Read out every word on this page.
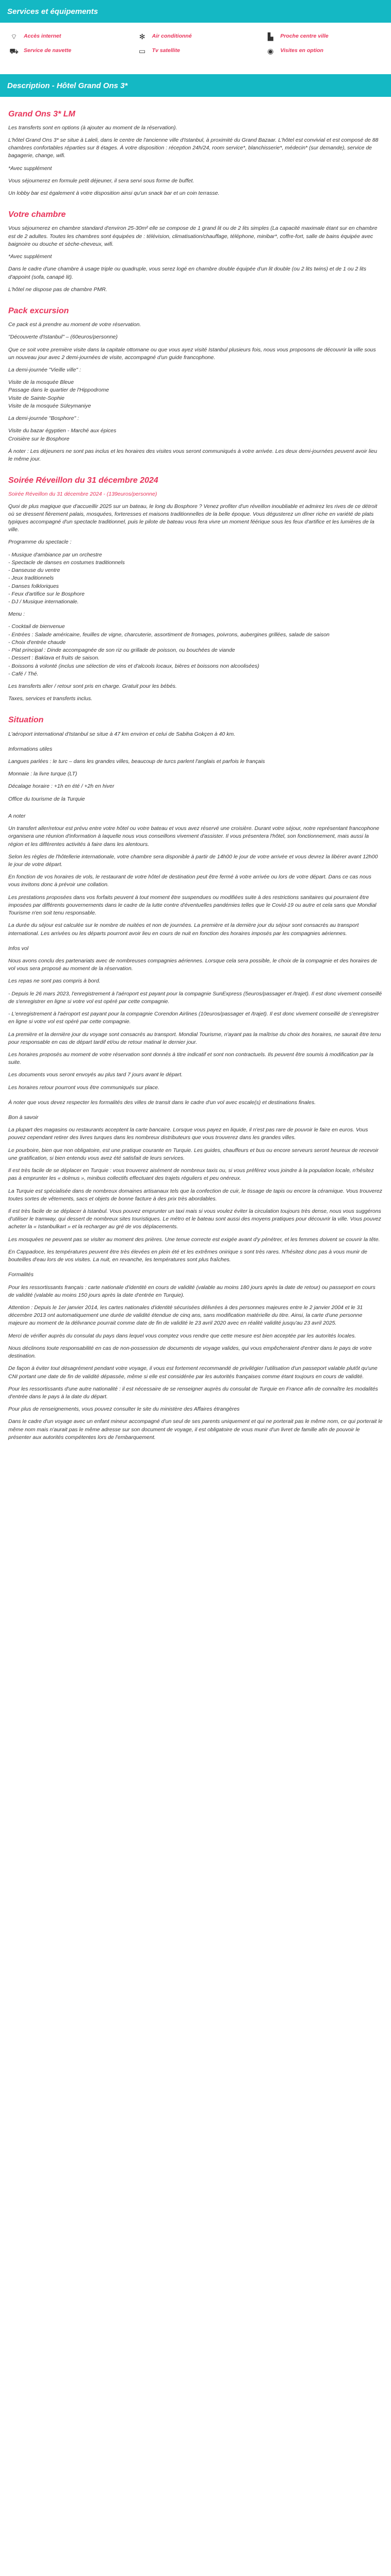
Services et équipements
⌔	Accès internet	✻	Air conditionné	▙	Proche centre ville
⛟ Service de navette	▭	Tv satellite	◉	Visites en option
Description - Hôtel Grand Ons 3*
Grand Ons 3* LM

Les transferts sont en options (à ajouter au moment de la réservation).

L'hôtel Grand Ons 3* se situe à Laleli, dans le centre de l'ancienne ville d'Istanbul, à proximité du Grand Bazaar. L'hôtel est convivial et est composé de 88 chambres confortables réparties sur 8 étages. À votre disposition : réception 24h/24, room service*, blanchisserie*, médecin* (sur demande), service de bagagerie, change, wifi.

*Avec supplément

Vous séjournerez en formule petit déjeuner, il sera servi sous forme de buffet.

Un lobby bar est également à votre disposition ainsi qu'un snack bar et un coin terrasse.

Votre chambre

Vous séjournerez en chambre standard d'environ 25-30m² elle se compose de 1 grand lit ou de 2 lits simples (La capacité maximale étant sur en chambre est de 2 adultes. Toutes les chambres sont équipées de : télévision, climatisation/chauffage, téléphone, minibar*, coffre-fort, salle de bains équipée avec baignoire ou douche et sèche-cheveux, wifi.

*Avec supplément

Dans le cadre d'une chambre à usage triple ou quadruple, vous serez logé en chambre double équipée d'un lit double (ou 2 lits twins) et de 1 ou 2 lits d'appoint (sofa, canapé lit).

L'hôtel ne dispose pas de chambre PMR.

Pack excursion

Ce pack est à prendre au moment de votre réservation.

"Découverte d'Istanbul" – (60euros/personne)

Que ce soit votre première visite dans la capitale ottomane ou que vous ayez visité Istanbul plusieurs fois, nous vous proposons de découvrir la ville sous un nouveau jour avec 2 demi-journées de visite, accompagné d'un guide francophone.

La demi-journée "Vieille ville" :

Visite de la mosquée Bleue
Passage dans le quartier de l'Hippodrome
Visite de Sainte-Sophie
Visite de la mosquée Süleymaniye

La demi-journée "Bosphore" :

Visite du bazar égyptien - Marché aux épices
Croisière sur le Bosphore

À noter : Les déjeuners ne sont pas inclus et les horaires des visites vous seront communiqués à votre arrivée. Les deux demi-journées peuvent avoir lieu le même jour.

Soirée Réveillon du 31 décembre 2024

Soirée Réveillon du 31 décembre 2024 - (139euros/personne)

Quoi de plus magique que d'accueillir 2025 sur un bateau, le long du Bosphore ? Venez profiter d'un réveillon inoubliable et admirez les rives de ce détroit où se dressent fièrement palais, mosquées, forteresses et maisons traditionnelles de la belle époque. Vous dégusterez un dîner riche en variété de plats typiques accompagné d'un spectacle traditionnel, puis le pilote de bateau vous fera vivre un moment féérique sous les feux d'artifice et les lumières de la ville.

Programme du spectacle :

- Musique d'ambiance par un orchestre
- Spectacle de danses en costumes traditionnels
- Danseuse du ventre
- Jeux traditionnels
- Danses folkloriques
- Feux d'artifice sur le Bosphore
- DJ / Musique internationale.

Menu :

- Cocktail de bienvenue
- Entrées : Salade américaine, feuilles de vigne, charcuterie, assortiment de fromages, poivrons, aubergines grillées, salade de saison
- Choix d'entrée chaude
- Plat principal : Dinde accompagnée de son riz ou grillade de poisson, ou bouchées de viande
- Dessert : Baklava et fruits de saison.
- Boissons à volonté (inclus une sélection de vins et d'alcools locaux, bières et boissons non alcoolisées)
- Café / Thé.

Les transferts aller / retour sont pris en charge. Gratuit pour les bébés.

Taxes, services et transferts inclus.

Situation

L'aéroport international d'Istanbul se situe à 47 km environ et celui de Sabiha Gokçen à 40 km.

Informations utiles

Langues parlées : le turc – dans les grandes villes, beaucoup de turcs parlent l'anglais et parfois le français

Monnaie : la livre turque (LT)

Décalage horaire : +1h en été / +2h en hiver

Office du tourisme de la Turquie

A noter

Un transfert aller/retour est prévu entre votre hôtel ou votre bateau et vous avez réservé une croisière. Durant votre séjour, notre représentant francophone organisera une réunion d'information à laquelle nous vous conseillons vivement d'assister. Il vous présentera l'hôtel, son fonctionnement, mais aussi la région et les différentes activités à faire dans les alentours.

Selon les règles de l'hôtellerie internationale, votre chambre sera disponible à partir de 14h00 le jour de votre arrivée et vous devrez la libérer avant 12h00 le jour de votre départ.

En fonction de vos horaires de vols, le restaurant de votre hôtel de destination peut être fermé à votre arrivée ou lors de votre départ. Dans ce cas nous vous invitons donc à prévoir une collation.

Les prestations proposées dans vos forfaits peuvent à tout moment être suspendues ou modifiées suite à des restrictions sanitaires qui pourraient être imposées par différents gouvernements dans le cadre de la lutte contre d'éventuelles pandémies telles que le Covid-19 ou autre et cela sans que Mondial Tourisme n'en soit tenu responsable.

La durée du séjour est calculée sur le nombre de nuitées et non de journées. La première et la dernière jour du séjour sont consacrés au transport international. Les arrivées ou les départs pourront avoir lieu en cours de nuit en fonction des horaires imposés par les compagnies aériennes.

Infos vol

Nous avons conclu des partenariats avec de nombreuses compagnies aériennes. Lorsque cela sera possible, le choix de la compagnie et des horaires de vol vous sera proposé au moment de la réservation.

Les repas ne sont pas compris à bord.

- Depuis le 26 mars 2023, l'enregistrement à l'aéroport est payant pour la compagnie SunExpress (5euros/passager et /trajet). Il est donc vivement conseillé de s'enregistrer en ligne si votre vol est opéré par cette compagnie.

- L'enregistrement à l'aéroport est payant pour la compagnie Corendon Airlines (10euros/passager et /trajet). Il est donc vivement conseillé de s'enregistrer en ligne si votre vol est opéré par cette compagnie.

La première et la dernière jour du voyage sont consacrés au transport. Mondial Tourisme, n'ayant pas la maîtrise du choix des horaires, ne saurait être tenu pour responsable en cas de départ tardif et/ou de retour matinal le dernier jour.

Les horaires proposés au moment de votre réservation sont donnés à titre indicatif et sont non contractuels. Ils peuvent être soumis à modification par la suite.

Les documents vous seront envoyés au plus tard 7 jours avant le départ.

Les horaires retour pourront vous être communiqués sur place.

À noter que vous devez respecter les formalités des villes de transit dans le cadre d'un vol avec escale(s) et destinations finales.

Bon à savoir

La plupart des magasins ou restaurants acceptent la carte bancaire. Lorsque vous payez en liquide, il n'est pas rare de pouvoir le faire en euros. Vous pouvez cependant retirer des livres turques dans les nombreux distributeurs que vous trouverez dans les grandes villes.

Le pourboire, bien que non obligatoire, est une pratique courante en Turquie. Les guides, chauffeurs et bus ou encore serveurs seront heureux de recevoir une gratification, si bien entendu vous avez été satisfait de leurs services.

Il est très facile de se déplacer en Turquie : vous trouverez aisément de nombreux taxis ou, si vous préférez vous joindre à la population locale, n'hésitez pas à emprunter les « dolmus », minibus collectifs effectuant des trajets réguliers et peu onéreux.

La Turquie est spécialisée dans de nombreux domaines artisanaux tels que la confection de cuir, le tissage de tapis ou encore la céramique. Vous trouverez toutes sortes de vêtements, sacs et objets de bonne facture à des prix très abordables.

Il est très facile de se déplacer à Istanbul. Vous pouvez emprunter un taxi mais si vous voulez éviter la circulation toujours très dense, nous vous suggérons d'utiliser le tramway, qui dessert de nombreux sites touristiques. Le métro et le bateau sont aussi des moyens pratiques pour découvrir la ville. Vous pouvez acheter la « Istanbulkart » et la recharger au gré de vos déplacements.

Les mosquées ne peuvent pas se visiter au moment des prières. Une tenue correcte est exigée avant d'y pénétrer, et les femmes doivent se couvrir la tête.

En Cappadoce, les températures peuvent être très élevées en plein été et les extrêmes onirique s sont très rares. N'hésitez donc pas à vous munir de bouteilles d'eau lors de vos visites. La nuit, en revanche, les températures sont plus fraîches.

Formalités

Pour les ressortissants français : carte nationale d'identité en cours de validité (valable au moins 180 jours après la date de retour) ou passeport en cours de validité (valable au moins 150 jours après la date d'entrée en Turquie).

Attention : Depuis le 1er janvier 2014, les cartes nationales d'identité sécurisées délivrées à des personnes majeures entre le 2 janvier 2004 et le 31 décembre 2013 ont automatiquement une durée de validité étendue de cinq ans, sans modification matérielle du titre. Ainsi, la carte d'une personne majeure au moment de la délivrance pourrait comme date de fin de validité le 23 avril 2020 avec en réalité validité jusqu'au 23 avril 2025.

Merci de vérifier auprès du consulat du pays dans lequel vous comptez vous rendre que cette mesure est bien acceptée par les autorités locales.

Nous déclinons toute responsabilité en cas de non-possession de documents de voyage valides, qui vous empêcheraient d'entrer dans le pays de votre destination.

De façon à éviter tout désagrément pendant votre voyage, il vous est fortement recommandé de privilégier l'utilisation d'un passeport valable plutôt qu'une CNI portant une date de fin de validité dépassée, même si elle est considérée par les autorités françaises comme étant toujours en cours de validité.

Pour les ressortissants d'une autre nationalité : il est nécessaire de se renseigner auprès du consulat de Turquie en France afin de connaître les modalités d'entrée dans le pays à la date du départ.

Pour plus de renseignements, vous pouvez consulter le site du ministère des Affaires étrangères

Dans le cadre d'un voyage avec un enfant mineur accompagné d'un seul de ses parents uniquement et qui ne porterait pas le même nom, ce qui porterait le même nom mais n'aurait pas le même adresse sur son document de voyage, il est obligatoire de vous munir d'un livret de famille afin de pouvoir le présenter aux autorités compétentes lors de l'embarquement.
